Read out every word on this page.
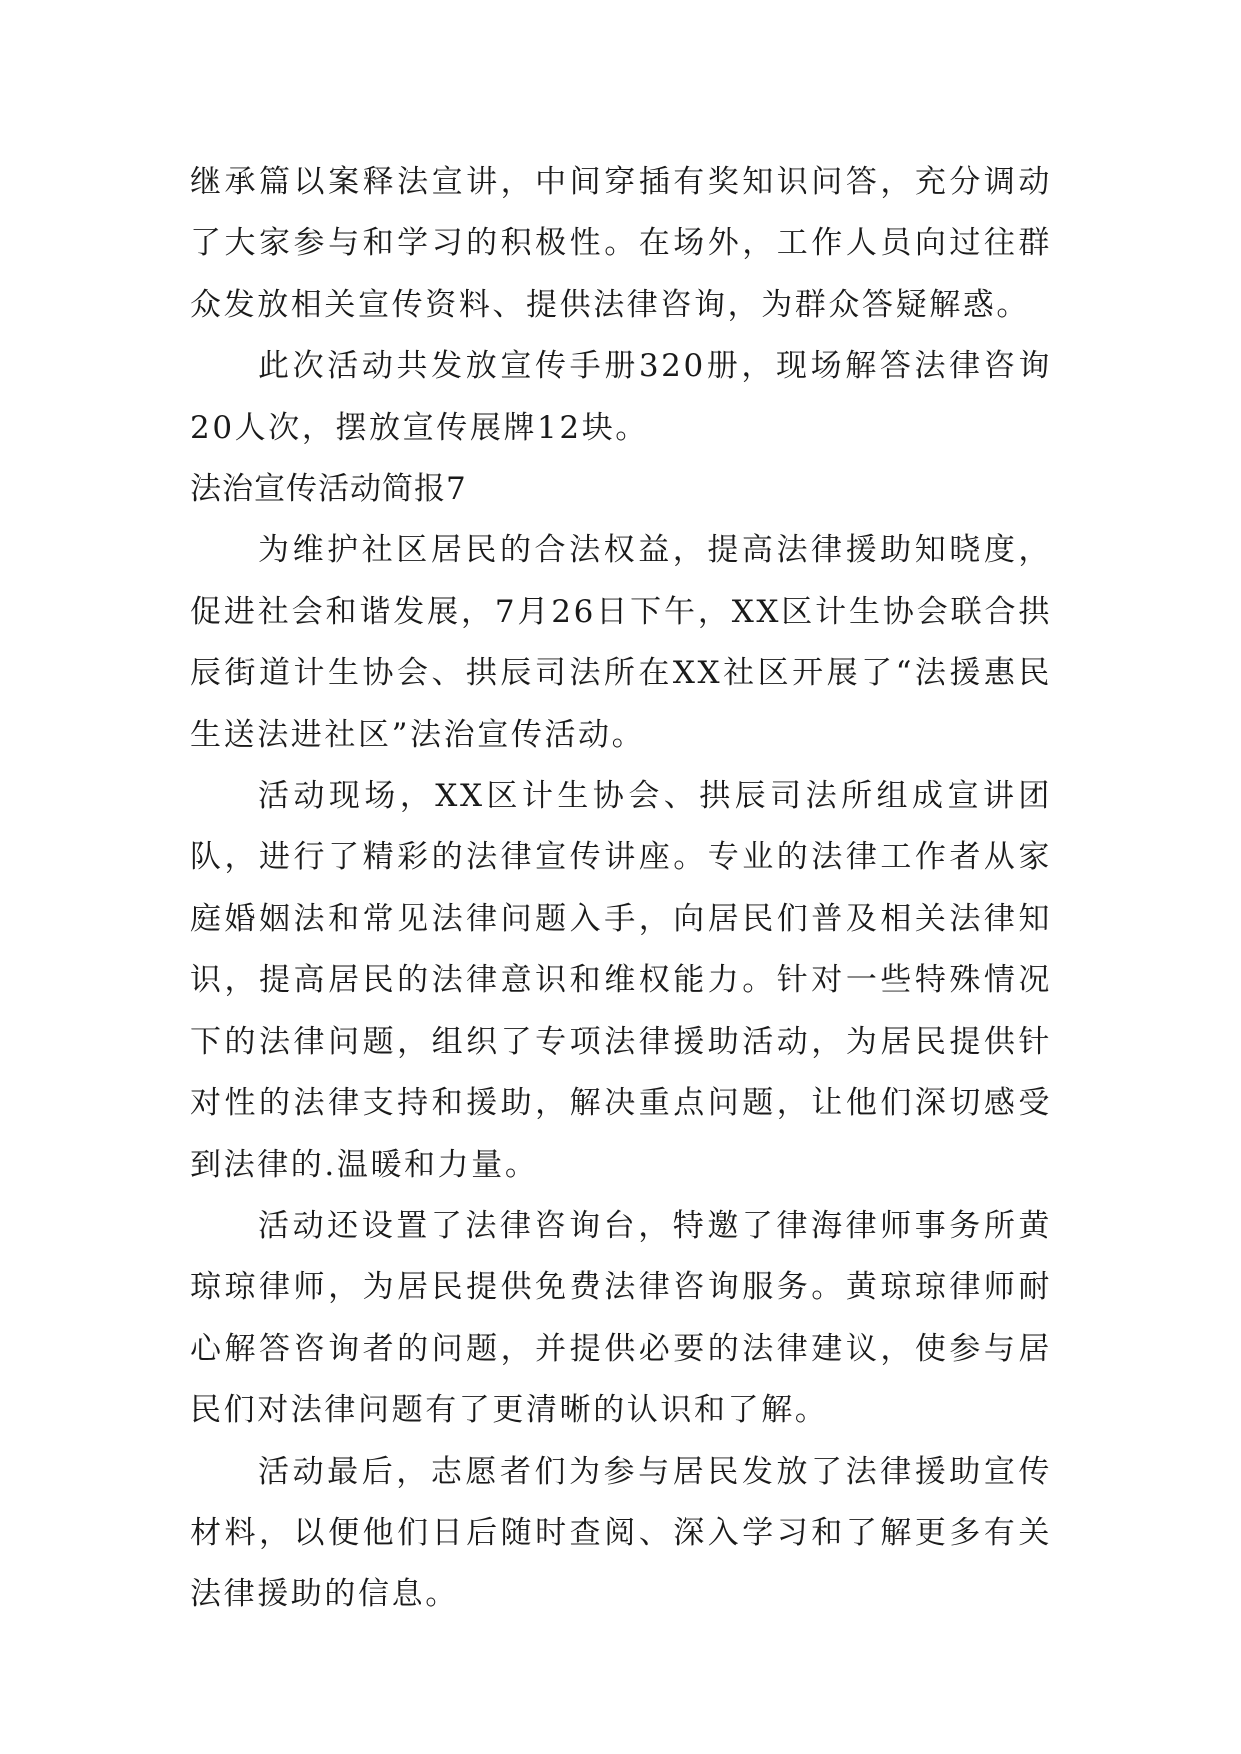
继承篇以案释法宣讲，中间穿插有奖知识问答，充分调动了大家参与和学习的积极性。在场外，工作人员向过往群众发放相关宣传资料、提供法律咨询，为群众答疑解惑。

此次活动共发放宣传手册320册，现场解答法律咨询20人次，摆放宣传展牌12块。

法治宣传活动简报7

为维护社区居民的合法权益，提高法律援助知晓度，促进社会和谐发展，7月26日下午，XX区计生协会联合拱辰街道计生协会、拱辰司法所在XX社区开展了“法援惠民生送法进社区”法治宣传活动。

活动现场，XX区计生协会、拱辰司法所组成宣讲团队，进行了精彩的法律宣传讲座。专业的法律工作者从家庭婚姻法和常见法律问题入手，向居民们普及相关法律知识，提高居民的法律意识和维权能力。针对一些特殊情况下的法律问题，组织了专项法律援助活动，为居民提供针对性的法律支持和援助，解决重点问题，让他们深切感受到法律的.温暖和力量。

活动还设置了法律咨询台，特邀了律海律师事务所黄琼琼律师，为居民提供免费法律咨询服务。黄琼琼律师耐心解答咨询者的问题，并提供必要的法律建议，使参与居民们对法律问题有了更清晰的认识和了解。

活动最后，志愿者们为参与居民发放了法律援助宣传材料，以便他们日后随时查阅、深入学习和了解更多有关法律援助的信息。
